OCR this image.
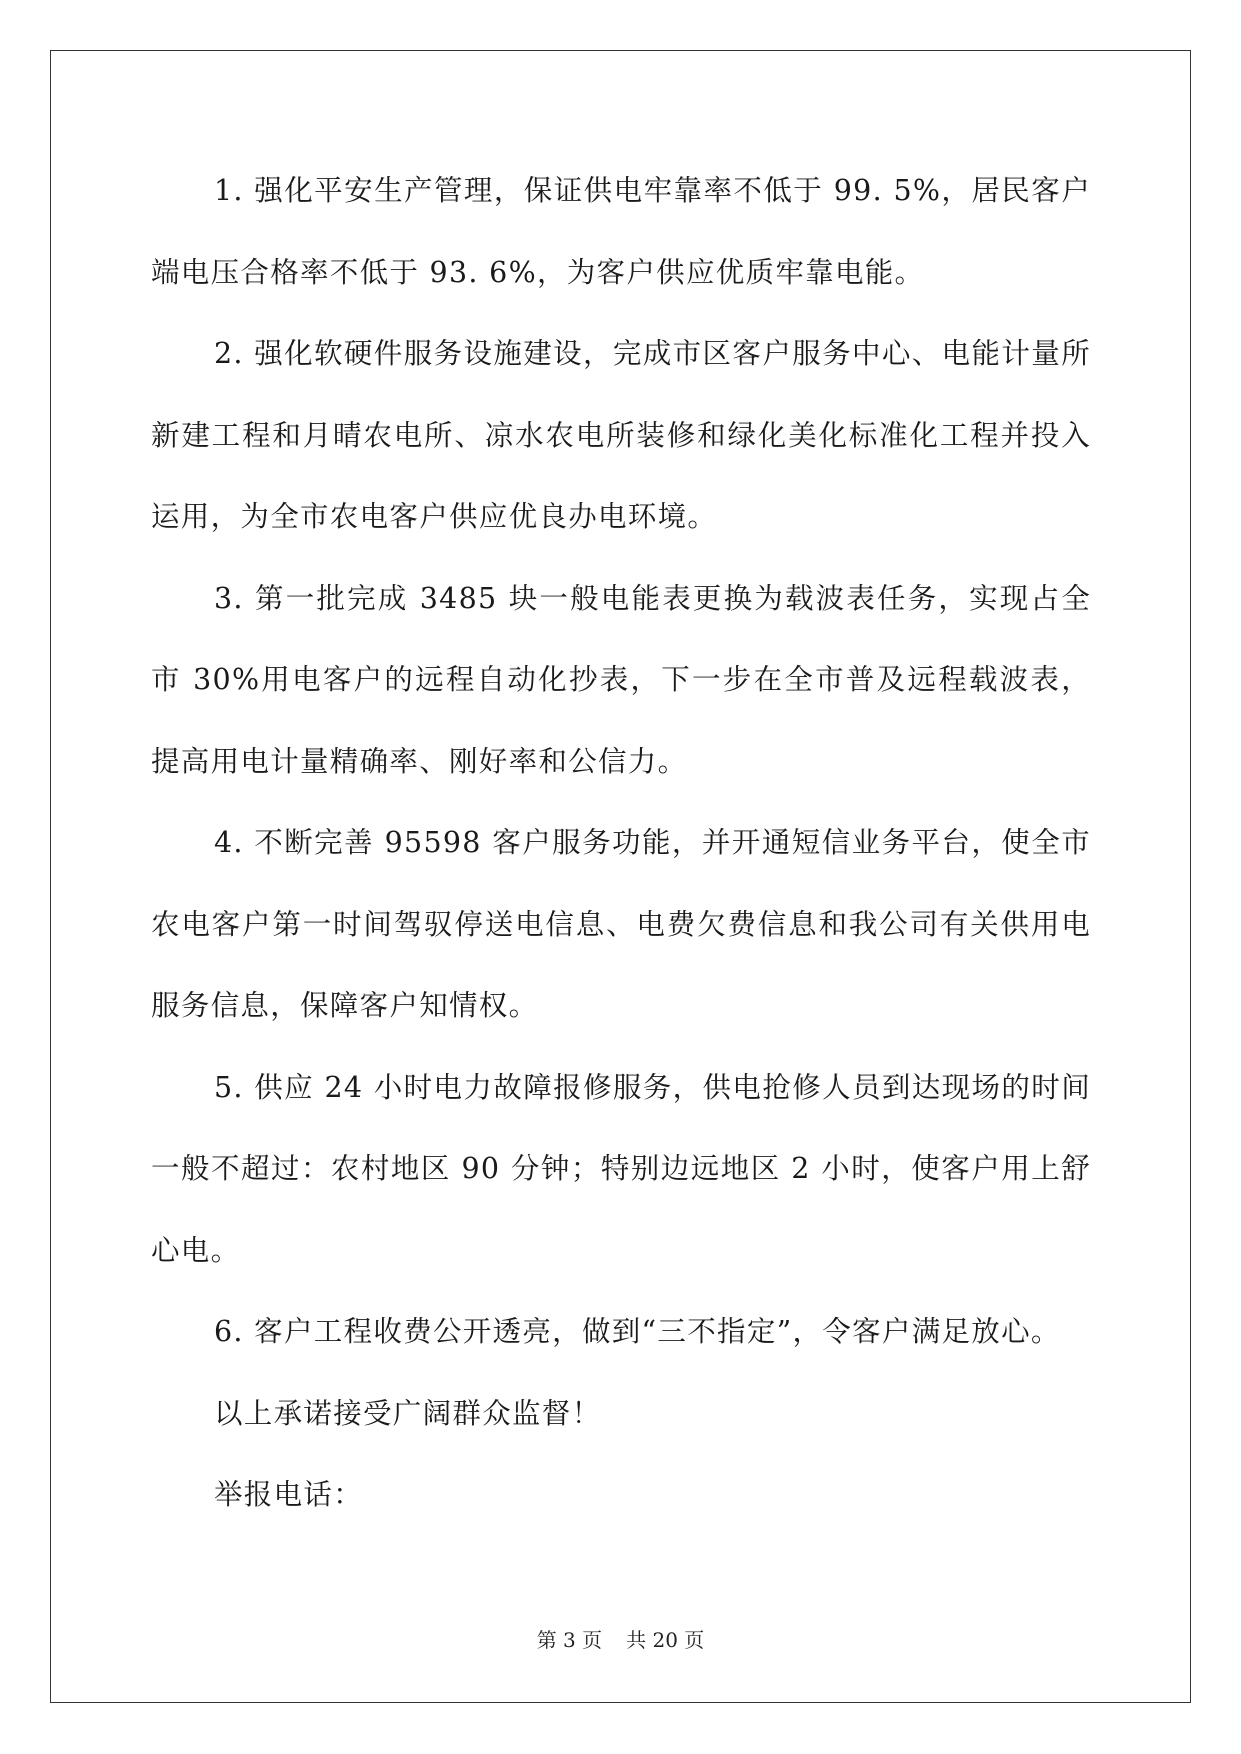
1. 强化平安生产管理，保证供电牢靠率不低于 99. 5%，居民客户端电压合格率不低于 93. 6%，为客户供应优质牢靠电能。

2. 强化软硬件服务设施建设，完成市区客户服务中心、电能计量所新建工程和月晴农电所、凉水农电所装修和绿化美化标准化工程并投入运用，为全市农电客户供应优良办电环境。

3. 第一批完成 3485 块一般电能表更换为载波表任务，实现占全市 30%用电客户的远程自动化抄表，下一步在全市普及远程载波表，提高用电计量精确率、刚好率和公信力。

4. 不断完善 95598 客户服务功能，并开通短信业务平台，使全市农电客户第一时间驾驭停送电信息、电费欠费信息和我公司有关供用电服务信息，保障客户知情权。

5. 供应 24 小时电力故障报修服务，供电抢修人员到达现场的时间一般不超过：农村地区 90 分钟；特别边远地区 2 小时，使客户用上舒心电。

6. 客户工程收费公开透亮，做到“三不指定”，令客户满足放心。

以上承诺接受广阔群众监督！

举报电话：

第 3 页 共 20 页
